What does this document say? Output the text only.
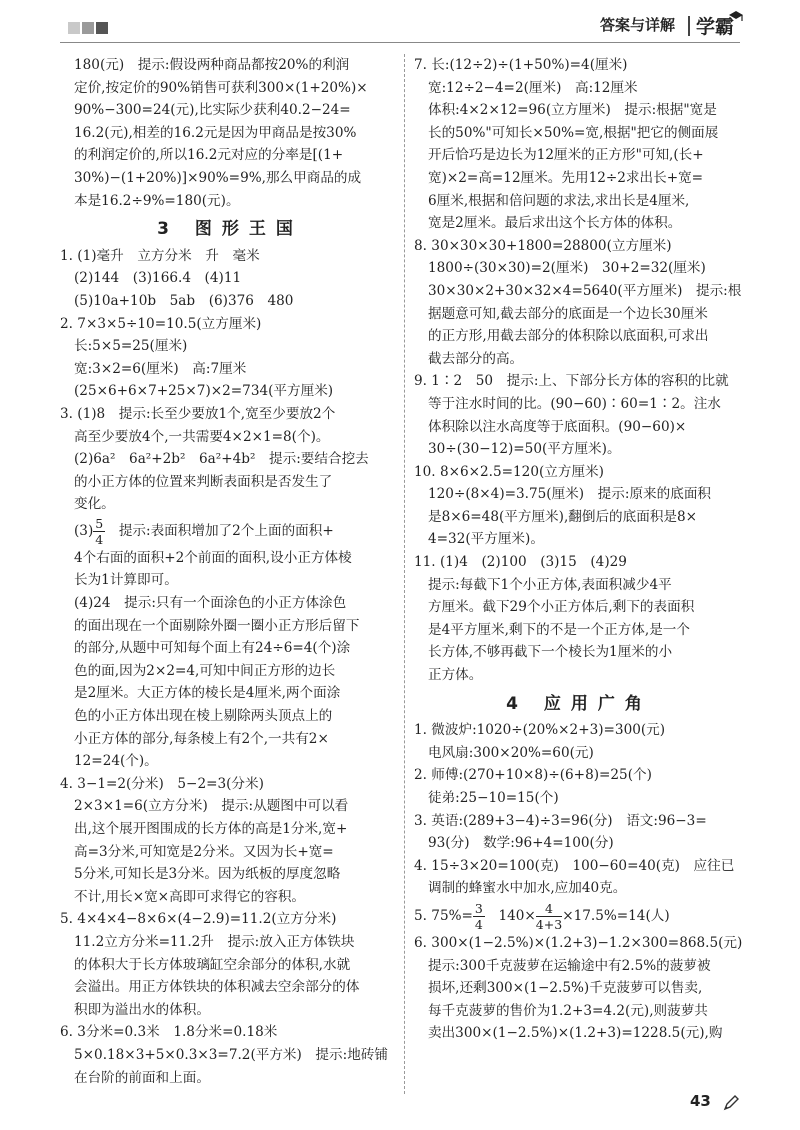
答案与详解 学霸
180(元)　提示:假设两种商品都按20%的利润
定价,按定价的90%销售可获利300×(1+20%)×
90%−300=24(元),比实际少获利40.2−24=
16.2(元),相差的16.2元是因为甲商品是按30%
的利润定价的,所以16.2元对应的分率是[(1+
30%)−(1+20%)]×90%=9%,那么甲商品的成
本是16.2÷9%=180(元)。
3 图形王国
1. (1)毫升　立方分米　升　毫米
(2)144　(3)166.4　(4)11
(5)10a+10b　5ab　(6)376　480
2. 7×3×5÷10=10.5(立方厘米)
长:5×5=25(厘米)
宽:3×2=6(厘米)　高:7厘米
(25×6+6×7+25×7)×2=734(平方厘米)
3. (1)8　提示:长至少要放1个,宽至少要放2个
高至少要放4个,一共需要4×2×1=8(个)。
(2)6a²　6a²+2b²　6a²+4b²　提示:要结合挖去
的小正方体的位置来判断表面积是否发生了
变化。
$(3) \frac{5}{4}$
　 提示:表面积增加了2个上面的面积+
4个右面的面积+2个前面的面积,设小正方体棱
长为1计算即可。
(4)24　提示:只有一个面涂色的小正方体涂色
的面出现在一个面剔除外圈一圈小正方形后留下
的部分,从题中可知每个面上有24÷6=4(个)涂
色的面,因为2×2=4,可知中间正方形的边长
是2厘米。大正方体的棱长是4厘米,两个面涂
色的小正方体出现在棱上剔除两头顶点上的
小正方体的部分,每条棱上有2个,一共有2×
12=24(个)。
4. 3−1=2(分米)　5−2=3(分米)
2×3×1=6(立方分米)　提示:从题图中可以看
出,这个展开图围成的长方体的高是1分米,宽+
高=3分米,可知宽是2分米。又因为长+宽=
5分米,可知长是3分米。因为纸板的厚度忽略
不计,用长×宽×高即可求得它的容积。
5. 4×4×4−8×6×(4−2.9)=11.2(立方分米)
11.2立方分米=11.2升　提示:放入正方体铁块
的体积大于长方体玻璃缸空余部分的体积,水就
会溢出。用正方体铁块的体积减去空余部分的体
积即为溢出水的体积。
6. 3分米=0.3米　1.8分米=0.18米
5×0.18×3+5×0.3×3=7.2(平方米)　提示:地砖铺
在台阶的前面和上面。
7. 长:(12÷2)÷(1+50%)=4(厘米)
宽:12÷2−4=2(厘米)　高:12厘米
体积:4×2×12=96(立方厘米)　提示:根据"宽是
长的50%"可知长×50%=宽,根据"把它的侧面展
开后恰巧是边长为12厘米的正方形"可知,(长+
宽)×2=高=12厘米。先用12÷2求出长+宽=
6厘米,根据和倍问题的求法,求出长是4厘米,
宽是2厘米。最后求出这个长方体的体积。
8. 30×30×30+1800=28800(立方厘米)
1800÷(30×30)=2(厘米)　30+2=32(厘米)
30×30×2+30×32×4=5640(平方厘米)　提示:根
据题意可知,截去部分的底面是一个边长30厘米
的正方形,用截去部分的体积除以底面积,可求出
截去部分的高。
9. 1∶2　50　提示:上、下部分长方体的容积的比就
等于注水时间的比。(90−60)∶60=1∶2。注水
体积除以注水高度等于底面积。(90−60)×
30÷(30−12)=50(平方厘米)。
10. 8×6×2.5=120(立方厘米)
120÷(8×4)=3.75(厘米)　提示:原来的底面积
是8×6=48(平方厘米),翻倒后的底面积是8×
4=32(平方厘米)。
11. (1)4　(2)100　(3)15　(4)29
提示:每截下1个小正方体,表面积减少4平
方厘米。截下29个小正方体后,剩下的表面积
是4平方厘米,剩下的不是一个正方体,是一个
长方体,不够再截下一个棱长为1厘米的小
正方体。
4 应用广角
1. 微波炉:1020÷(20%×2+3)=300(元)
电风扇:300×20%=60(元)
2. 师傅:(270+10×8)÷(6+8)=25(个)
徒弟:25−10=15(个)
3. 英语:(289+3−4)÷3=96(分)　语文:96−3=
93(分)　数学:96+4=100(分)
4. 15÷3×20=100(克)　100−60=40(克)　应往已
调制的蜂蜜水中加水,应加40克。
5. $75\%= \frac{3}{4}$ 　$140\times \frac{4}{4+3} \times 17.5\%=14$(人)
6. 300×(1−2.5%)×(1.2+3)−1.2×300=868.5(元)
提示:300千克菠萝在运输途中有2.5%的菠萝被
损坏,还剩300×(1−2.5%)千克菠萝可以售卖,
每千克菠萝的售价为1.2+3=4.2(元),则菠萝共
卖出300×(1−2.5%)×(1.2+3)=1228.5(元),购
43
